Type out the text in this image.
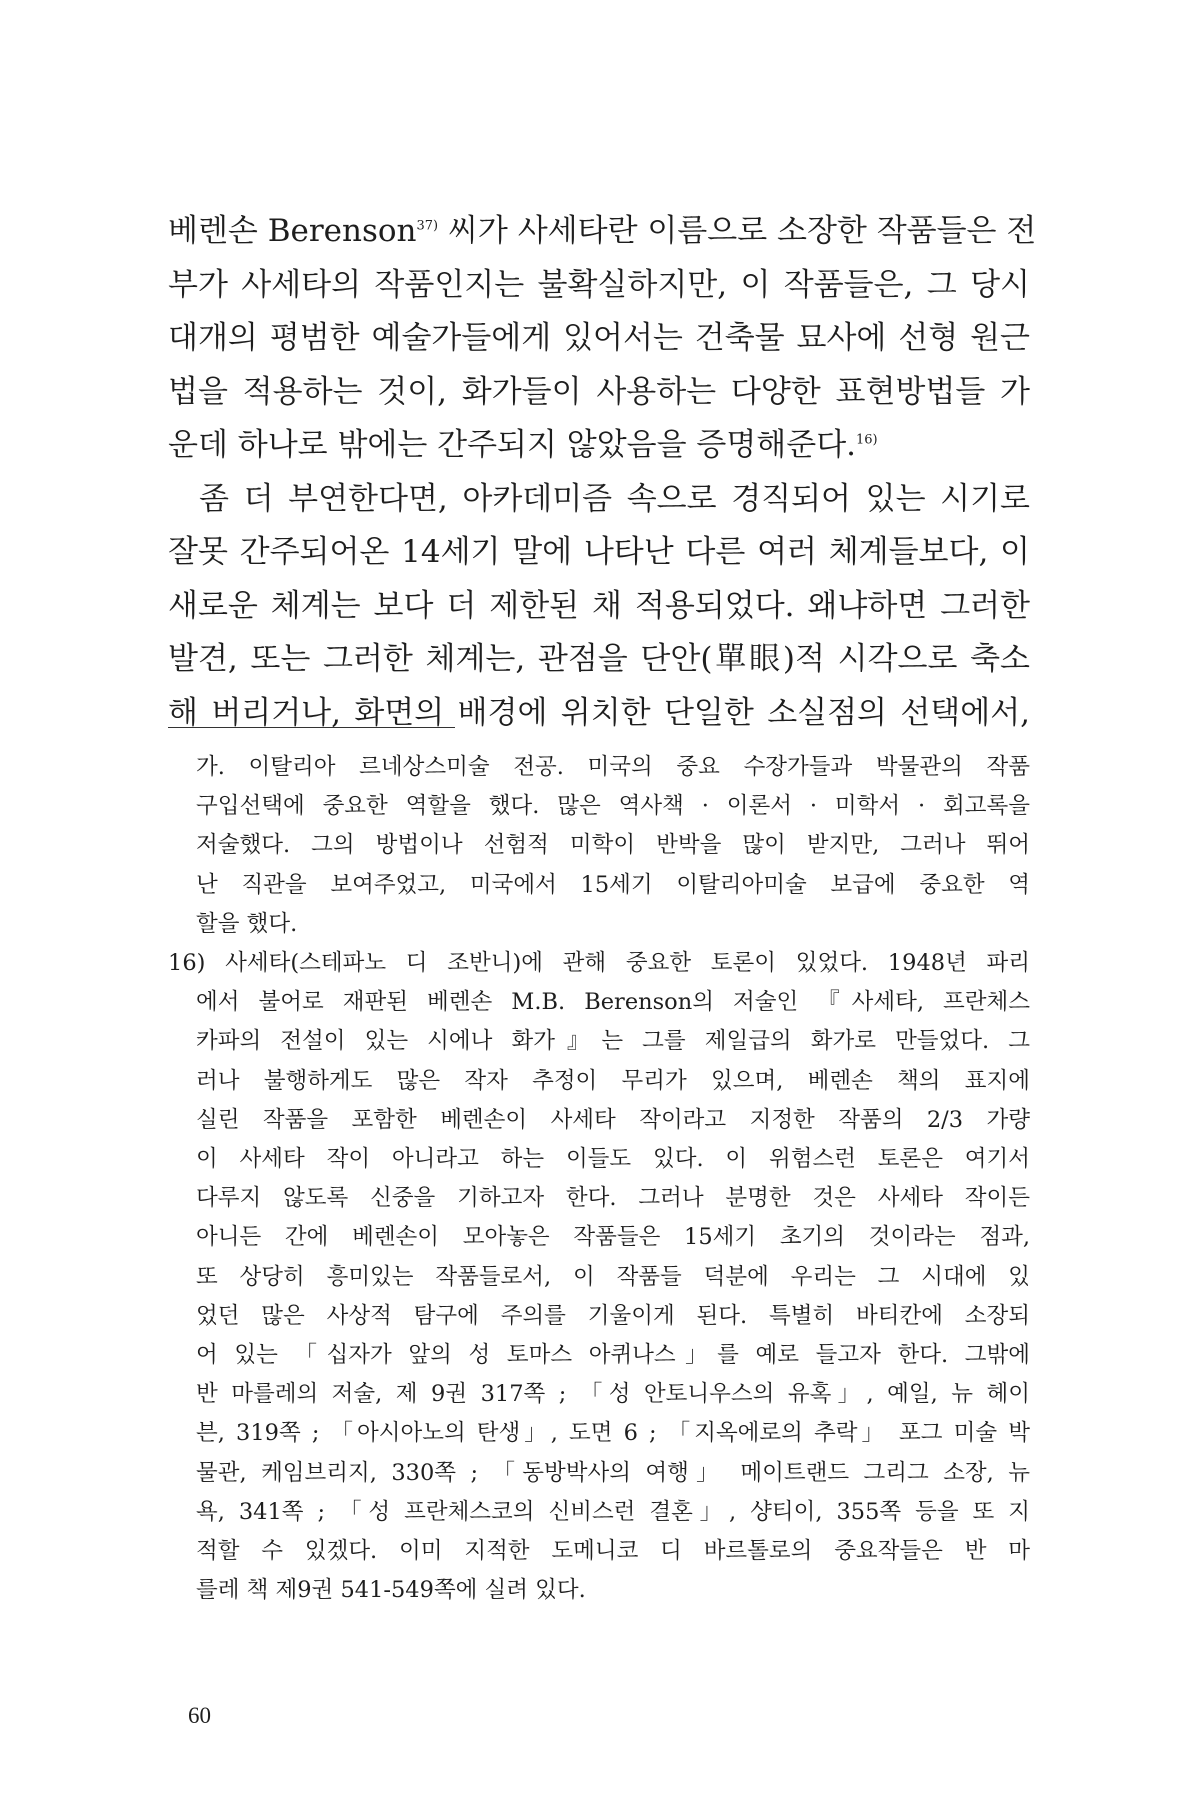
베렌손 Berenson$^{37)}$ 씨가 사세타란 이름으로 소장한 작품들은 전
부가 사세타의 작품인지는 불확실하지만, 이 작품들은, 그 당시
대개의 평범한 예술가들에게 있어서는 건축물 묘사에 선형 원근
법을 적용하는 것이, 화가들이 사용하는 다양한 표현방법들 가
운데 하나로 밖에는 간주되지 않았음을 증명해준다.$^{16)}$
좀 더 부연한다면, 아카데미즘 속으로 경직되어 있는 시기로
잘못 간주되어온 14세기 말에 나타난 다른 여러 체계들보다, 이
새로운 체계는 보다 더 제한된 채 적용되었다. 왜냐하면 그러한
발견, 또는 그러한 체계는, 관점을 단안(單眼)적 시각으로 축소
해 버리거나, 화면의 배경에 위치한 단일한 소실점의 선택에서,
가. 이탈리아 르네상스미술 전공. 미국의 중요 수장가들과 박물관의 작품
구입선택에 중요한 역할을 했다. 많은 역사책 · 이론서 · 미학서 · 회고록을
저술했다. 그의 방법이나 선험적 미학이 반박을 많이 받지만, 그러나 뛰어
난 직관을 보여주었고, 미국에서 15세기 이탈리아미술 보급에 중요한 역
할을 했다.
16) 사세타(스테파노 디 조반니)에 관해 중요한 토론이 있었다. 1948년 파리
에서 불어로 재판된 베렌손 M.B. Berenson의 저술인 『사세타, 프란체스
카파의 전설이 있는 시에나 화가』는 그를 제일급의 화가로 만들었다. 그
러나 불행하게도 많은 작자 추정이 무리가 있으며, 베렌손 책의 표지에
실린 작품을 포함한 베렌손이 사세타 작이라고 지정한 작품의 2/3 가량
이 사세타 작이 아니라고 하는 이들도 있다. 이 위험스런 토론은 여기서
다루지 않도록 신중을 기하고자 한다. 그러나 분명한 것은 사세타 작이든
아니든 간에 베렌손이 모아놓은 작품들은 15세기 초기의 것이라는 점과,
또 상당히 흥미있는 작품들로서, 이 작품들 덕분에 우리는 그 시대에 있
었던 많은 사상적 탐구에 주의를 기울이게 된다. 특별히 바티칸에 소장되
어 있는 「십자가 앞의 성 토마스 아퀴나스」를 예로 들고자 한다. 그밖에
반 마를레의 저술, 제 9권 317쪽 ; 「성 안토니우스의 유혹」, 예일, 뉴 헤이
븐, 319쪽 ; 「아시아노의 탄생」, 도면 6 ; 「지옥에로의 추락」 포그 미술 박
물관, 케임브리지, 330쪽 ; 「동방박사의 여행」 메이트랜드 그리그 소장, 뉴
욕, 341쪽 ; 「성 프란체스코의 신비스런 결혼」, 샹티이, 355쪽 등을 또 지
적할 수 있겠다. 이미 지적한 도메니코 디 바르톨로의 중요작들은 반 마
를레 책 제9권 541-549쪽에 실려 있다.
60
